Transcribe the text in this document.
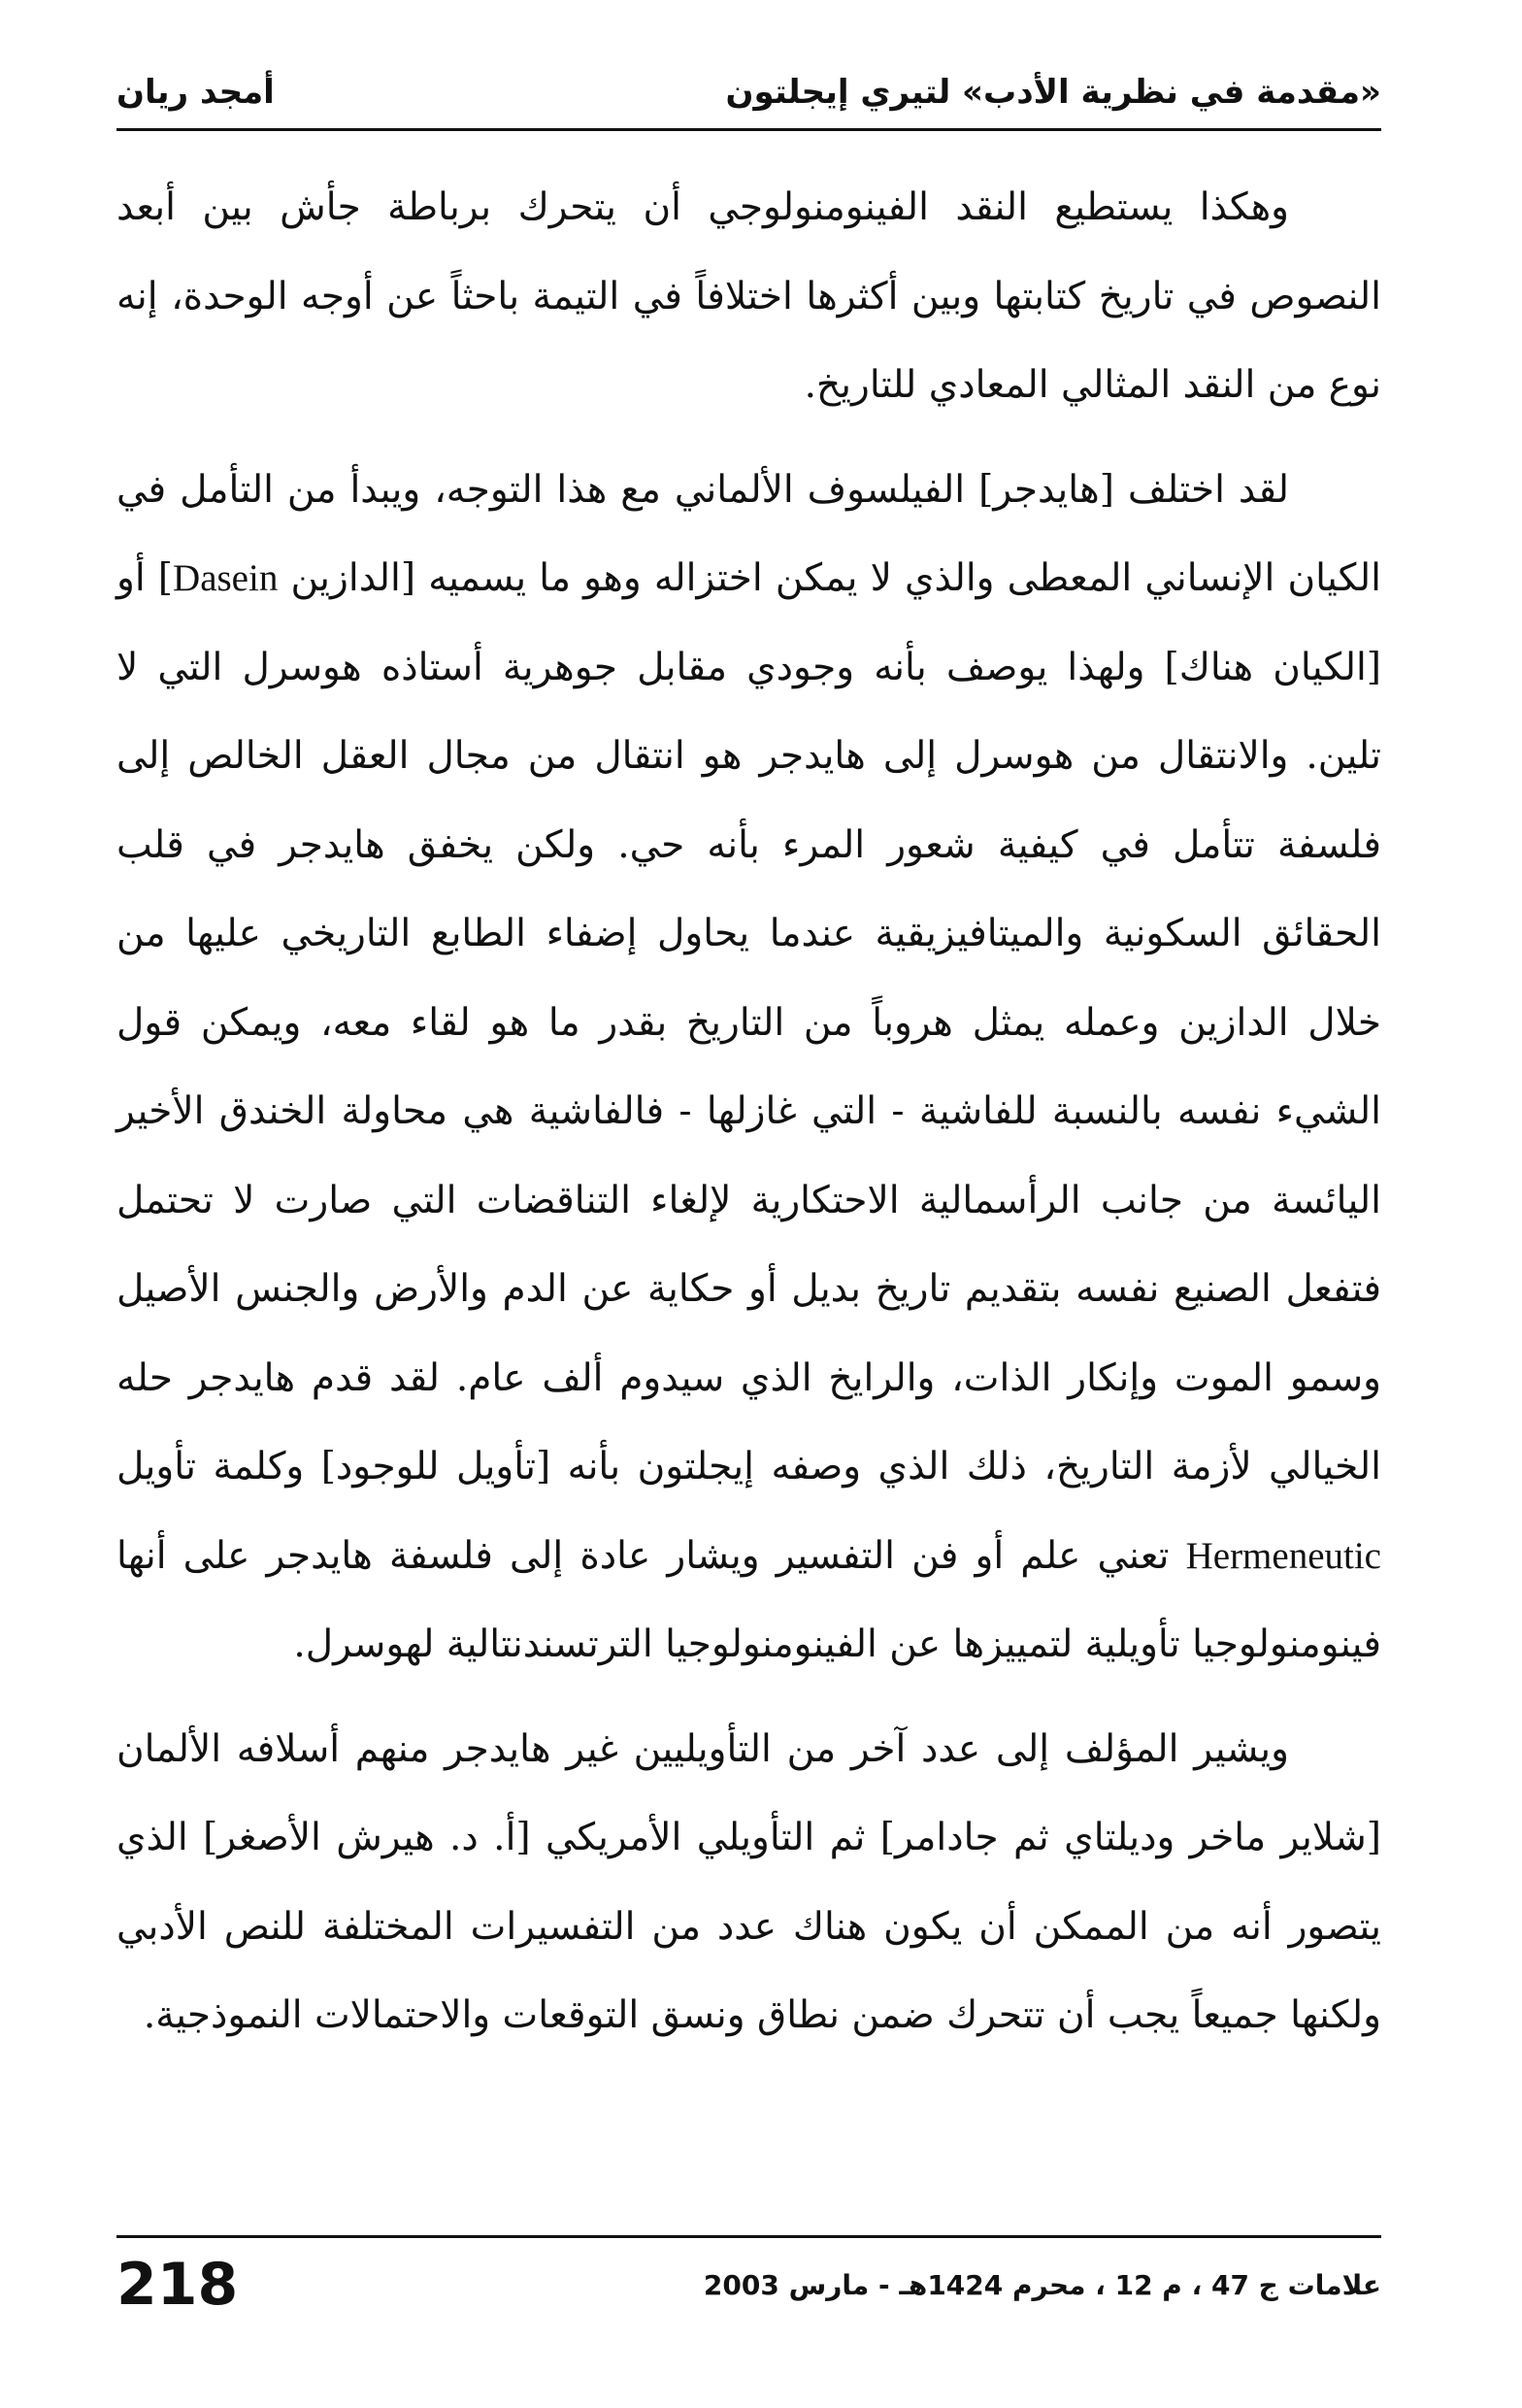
أمجد ريان	«مقدمة في نظرية الأدب» لتيري إيجلتون

وهكذا يستطيع النقد الفينومنولوجي أن يتحرك برباطة جأش بين أبعد النصوص في تاريخ كتابتها وبين أكثرها اختلافاً في التيمة باحثاً عن أوجه الوحدة، إنه نوع من النقد المثالي المعادي للتاريخ.

لقد اختلف [هايدجر] الفيلسوف الألماني مع هذا التوجه، ويبدأ من التأمل في الكيان الإنساني المعطى والذي لا يمكن اختزاله وهو ما يسميه [الدازين Dasein] أو [الكيان هناك] ولهذا يوصف بأنه وجودي مقابل جوهرية أستاذه هوسرل التي لا تلين. والانتقال من هوسرل إلى هايدجر هو انتقال من مجال العقل الخالص إلى فلسفة تتأمل في كيفية شعور المرء بأنه حي. ولكن يخفق هايدجر في قلب الحقائق السكونية والميتافيزيقية عندما يحاول إضفاء الطابع التاريخي عليها من خلال الدازين وعمله يمثل هروباً من التاريخ بقدر ما هو لقاء معه، ويمكن قول الشيء نفسه بالنسبة للفاشية - التي غازلها - فالفاشية هي محاولة الخندق الأخير اليائسة من جانب الرأسمالية الاحتكارية لإلغاء التناقضات التي صارت لا تحتمل فتفعل الصنيع نفسه بتقديم تاريخ بديل أو حكاية عن الدم والأرض والجنس الأصيل وسمو الموت وإنكار الذات، والرايخ الذي سيدوم ألف عام. لقد قدم هايدجر حله الخيالي لأزمة التاريخ، ذلك الذي وصفه إيجلتون بأنه [تأويل للوجود] وكلمة تأويل Hermeneutic تعني علم أو فن التفسير ويشار عادة إلى فلسفة هايدجر على أنها فينومنولوجيا تأويلية لتمييزها عن الفينومنولوجيا الترتسندنتالية لهوسرل.

ويشير المؤلف إلى عدد آخر من التأويليين غير هايدجر منهم أسلافه الألمان [شلاير ماخر وديلتاي ثم جادامر] ثم التأويلي الأمريكي [أ. د. هيرش الأصغر] الذي يتصور أنه من الممكن أن يكون هناك عدد من التفسيرات المختلفة للنص الأدبي ولكنها جميعاً يجب أن تتحرك ضمن نطاق ونسق التوقعات والاحتمالات النموذجية.

218	علامات ج 47 ، م 12 ، محرم 1424هـ - مارس 2003
